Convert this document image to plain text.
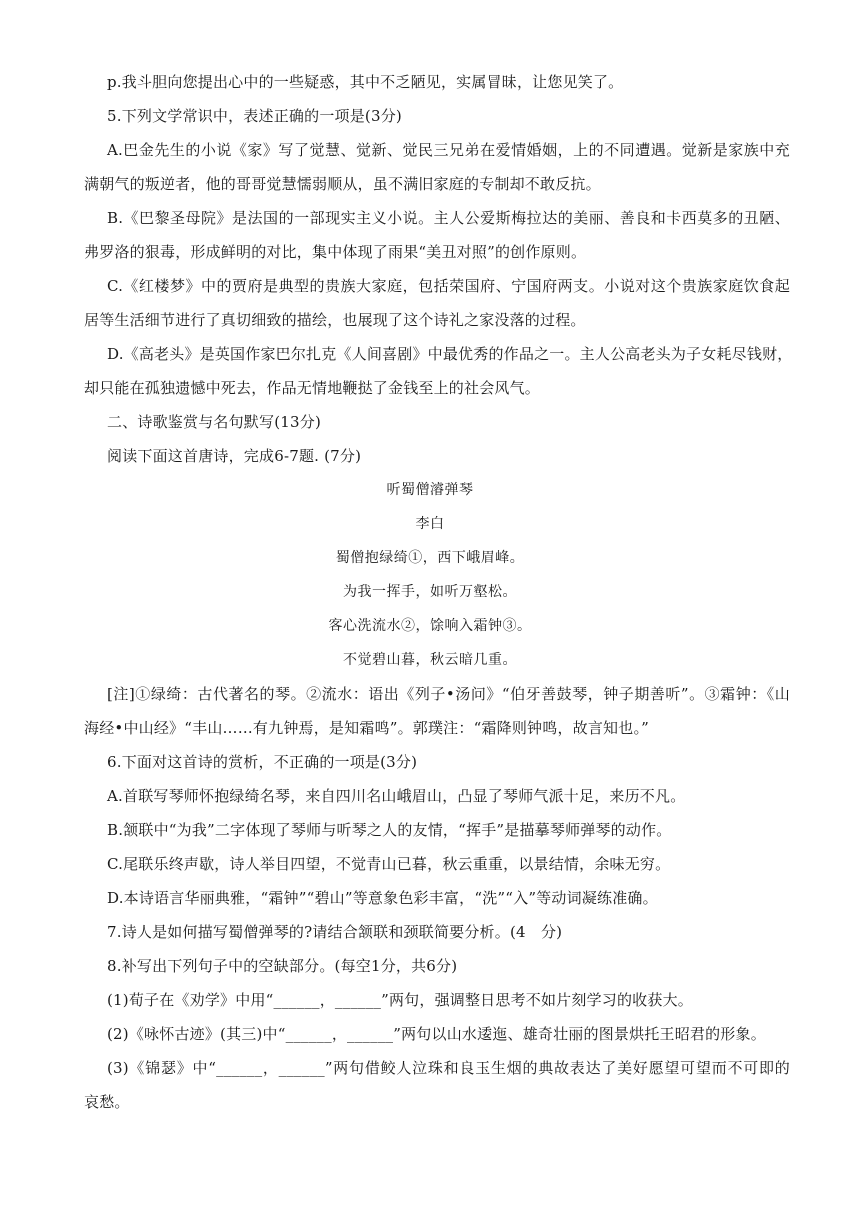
p.我斗胆向您提出心中的一些疑惑，其中不乏陋见，实属冒昧，让您见笑了。
5.下列文学常识中，表述正确的一项是(3分)
A.巴金先生的小说《家》写了觉慧、觉新、觉民三兄弟在爱情婚姻，上的不同遭遇。觉新是家族中充
满朝气的叛逆者，他的哥哥觉慧懦弱顺从，虽不满旧家庭的专制却不敢反抗。
B.《巴黎圣母院》是法国的一部现实主义小说。主人公爱斯梅拉达的美丽、善良和卡西莫多的丑陋、
弗罗洛的狠毒，形成鲜明的对比，集中体现了雨果“美丑对照”的创作原则。
C.《红楼梦》中的贾府是典型的贵族大家庭，包括荣国府、宁国府两支。小说对这个贵族家庭饮食起
居等生活细节进行了真切细致的描绘，也展现了这个诗礼之家没落的过程。
D.《高老头》是英国作家巴尔扎克《人间喜剧》中最优秀的作品之一。主人公高老头为子女耗尽钱财，
却只能在孤独遗憾中死去，作品无情地鞭挞了金钱至上的社会风气。
二、诗歌鉴赏与名句默写(13分)
阅读下面这首唐诗，完成6-7题. (7分)
听蜀僧濬弹琴
李白
蜀僧抱绿绮①，西下峨眉峰。
为我一挥手，如听万壑松。
客心洗流水②，馀响入霜钟③。
不觉碧山暮，秋云暗几重。
[注]①绿绮：古代著名的琴。②流水：语出《列子•汤问》“伯牙善鼓琴，钟子期善听”。③霜钟：《山
海经•中山经》“丰山……有九钟焉，是知霜鸣”。郭璞注：“霜降则钟鸣，故言知也。”
6.下面对这首诗的赏析，不正确的一项是(3分)
A.首联写琴师怀抱绿绮名琴，来自四川名山峨眉山，凸显了琴师气派十足，来历不凡。
B.颔联中“为我”二字体现了琴师与听琴之人的友情，“挥手”是描摹琴师弹琴的动作。
C.尾联乐终声歇，诗人举目四望，不觉青山已暮，秋云重重，以景结情，余味无穷。
D.本诗语言华丽典雅，“霜钟”“碧山”等意象色彩丰富，“洗”“入”等动词凝练准确。
7.诗人是如何描写蜀僧弹琴的?请结合颔联和颈联简要分析。(4　分)
8.补写出下列句子中的空缺部分。(每空1分，共6分)
(1)荀子在《劝学》中用“______，______”两句，强调整日思考不如片刻学习的收获大。
(2)《咏怀古迹》(其三)中“______，______”两句以山水逶迤、雄奇壮丽的图景烘托王昭君的形象。
(3)《锦瑟》中“______，______”两句借鲛人泣珠和良玉生烟的典故表达了美好愿望可望而不可即的
哀愁。
